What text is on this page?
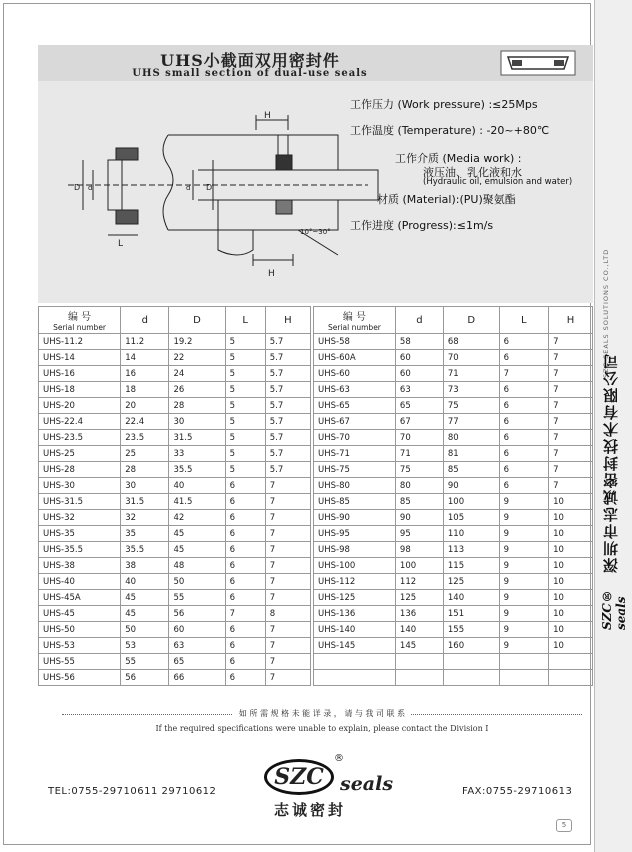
SZC SEALS SOLUTIONS CO.,LTD
深圳市志诚密封技术有限公司
SZC® seals
UHS小截面双用密封件
UHS small section of dual-use seals
H
H
L
D d	d D
10°~30°
工作压力 (Work pressure) :≤25Mps
工作温度 (Temperature) : -20~+80℃
工作介质 (Media work) :
液压油、乳化液和水
(Hydraulic oil, emulsion and water)
材质 (Material):(PU)聚氨酯
工作进度 (Progress):≤1m/s
编 号
Serial number	d	D	L	H
UHS-11.2	11.2	19.2	5	5.7
UHS-14	14	22	5	5.7
UHS-16	16	24	5	5.7
UHS-18	18	26	5	5.7
UHS-20	20	28	5	5.7
UHS-22.4	22.4	30	5	5.7
UHS-23.5	23.5	31.5	5	5.7
UHS-25	25	33	5	5.7
UHS-28	28	35.5	5	5.7
UHS-30	30	40	6	7
UHS-31.5	31.5	41.5	6	7
UHS-32	32	42	6	7
UHS-35	35	45	6	7
UHS-35.5	35.5	45	6	7
UHS-38	38	48	6	7
UHS-40	40	50	6	7
UHS-45A	45	55	6	7
UHS-45	45	56	7	8
UHS-50	50	60	6	7
UHS-53	53	63	6	7
UHS-55	55	65	6	7
UHS-56	56	66	6	7
编 号
Serial number	d	D	L	H
UHS-58	58	68	6	7
UHS-60A	60	70	6	7
UHS-60	60	71	7	7
UHS-63	63	73	6	7
UHS-65	65	75	6	7
UHS-67	67	77	6	7
UHS-70	70	80	6	7
UHS-71	71	81	6	7
UHS-75	75	85	6	7
UHS-80	80	90	6	7
UHS-85	85	100	9	10
UHS-90	90	105	9	10
UHS-95	95	110	9	10
UHS-98	98	113	9	10
UHS-100	100	115	9	10
UHS-112	112	125	9	10
UHS-125	125	140	9	10
UHS-136	136	151	9	10
UHS-140	140	155	9	10
UHS-145	145	160	9	10

如 所 需 规 格 未 能 详 录 ， 请 与 我 司 联 系
If the required specifications were unable to explain, please contact the Division I
TEL:0755-29710611 29710612	FAX:0755-29710613
SZC
®
seals
志诚密封
5
